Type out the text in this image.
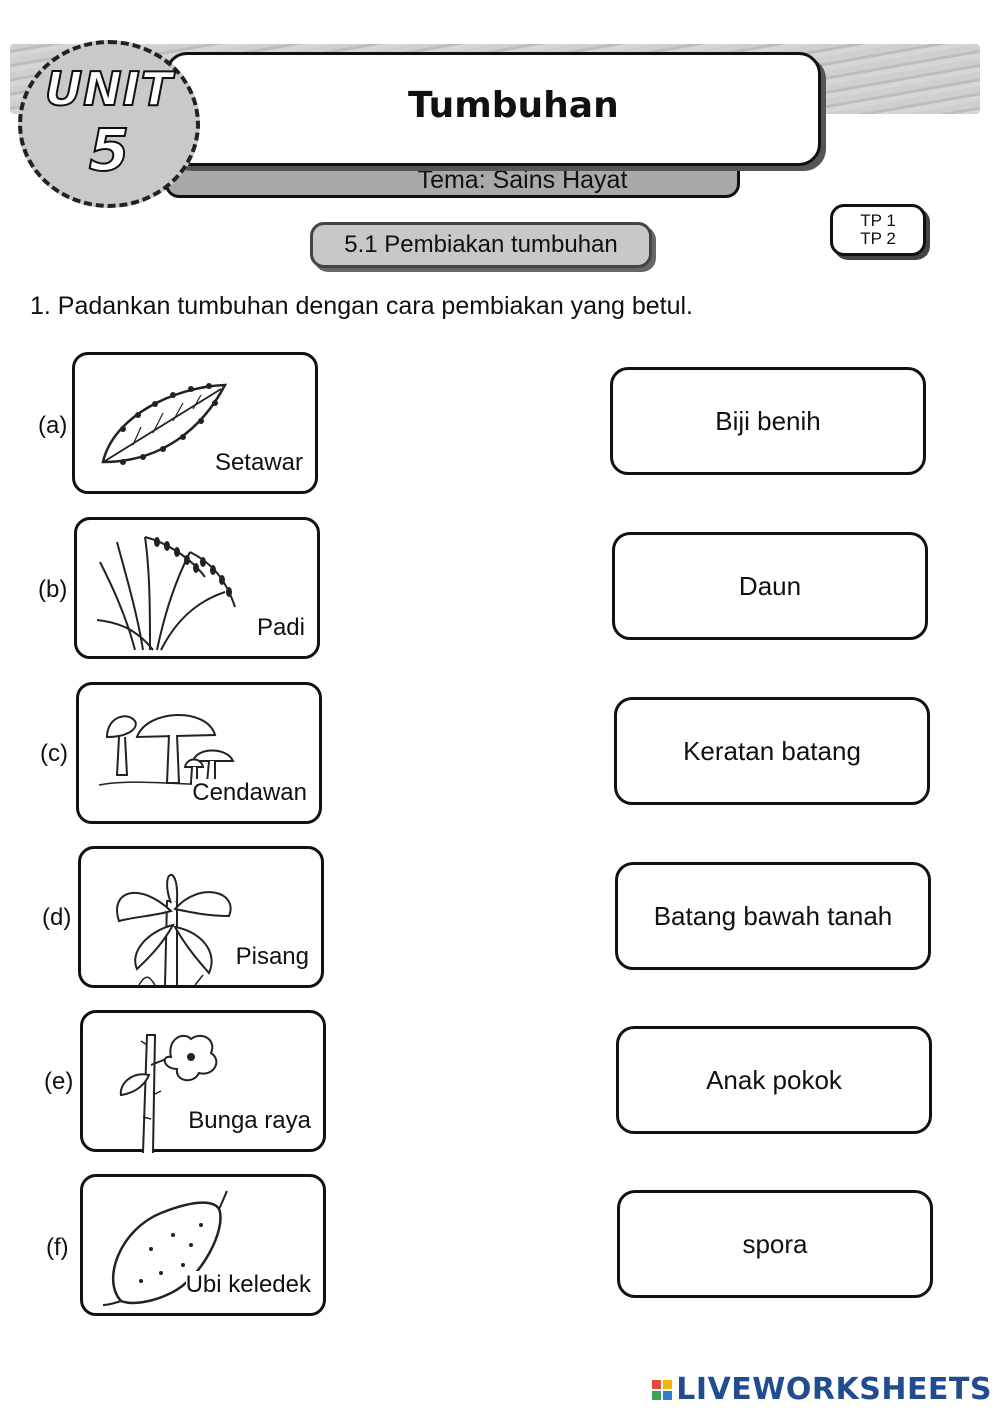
UNIT
5
Tumbuhan
Tema: Sains Hayat
5.1 Pembiakan tumbuhan
TP 1
TP 2
1. Padankan tumbuhan dengan cara pembiakan yang betul.
(a)
Setawar
Biji benih
(b)
Padi
Daun
(c)
Cendawan
Keratan batang
(d)
Pisang
Batang bawah tanah
(e)
Bunga raya
Anak pokok
(f)
Ubi keledek
spora
LIVEWORKSHEETS
